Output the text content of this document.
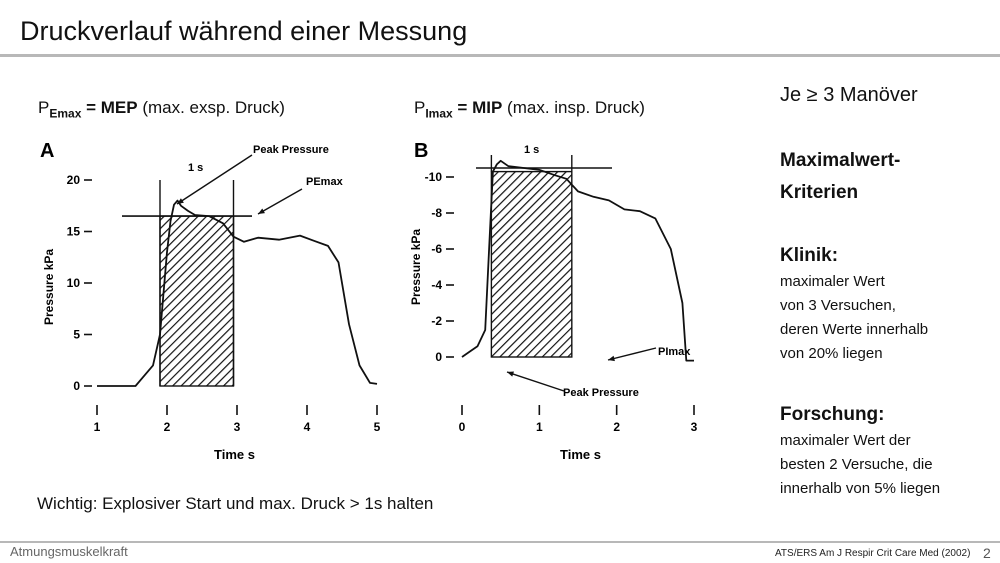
Druckverlauf während einer Messung
$P_{Emax}$ = MEP (max. exsp. Druck)	$P_{Imax}$ = MIP (max. insp. Druck)
A
Pressure kPa
Time s
1 s
Peak Pressure
PEmax
20
15
10
5
0
1	2	3	4	5
B
Pressure kPa
Time s
1 s
PImax
Peak Pressure
0
-2
-4
-6
-8
-10
0	1	2	3
Je ≥ 3 Manöver
Maximalwert-
Kriterien
Klinik:
maximaler Wert
von 3 Versuchen,
deren Werte innerhalb
von 20% liegen
Forschung:
maximaler Wert der
besten 2 Versuche, die
innerhalb von 5% liegen
Wichtig: Explosiver Start und max. Druck > 1s halten
Atmungsmuskelkraft	ATS/ERS Am J Respir Crit Care Med (2002) 2
